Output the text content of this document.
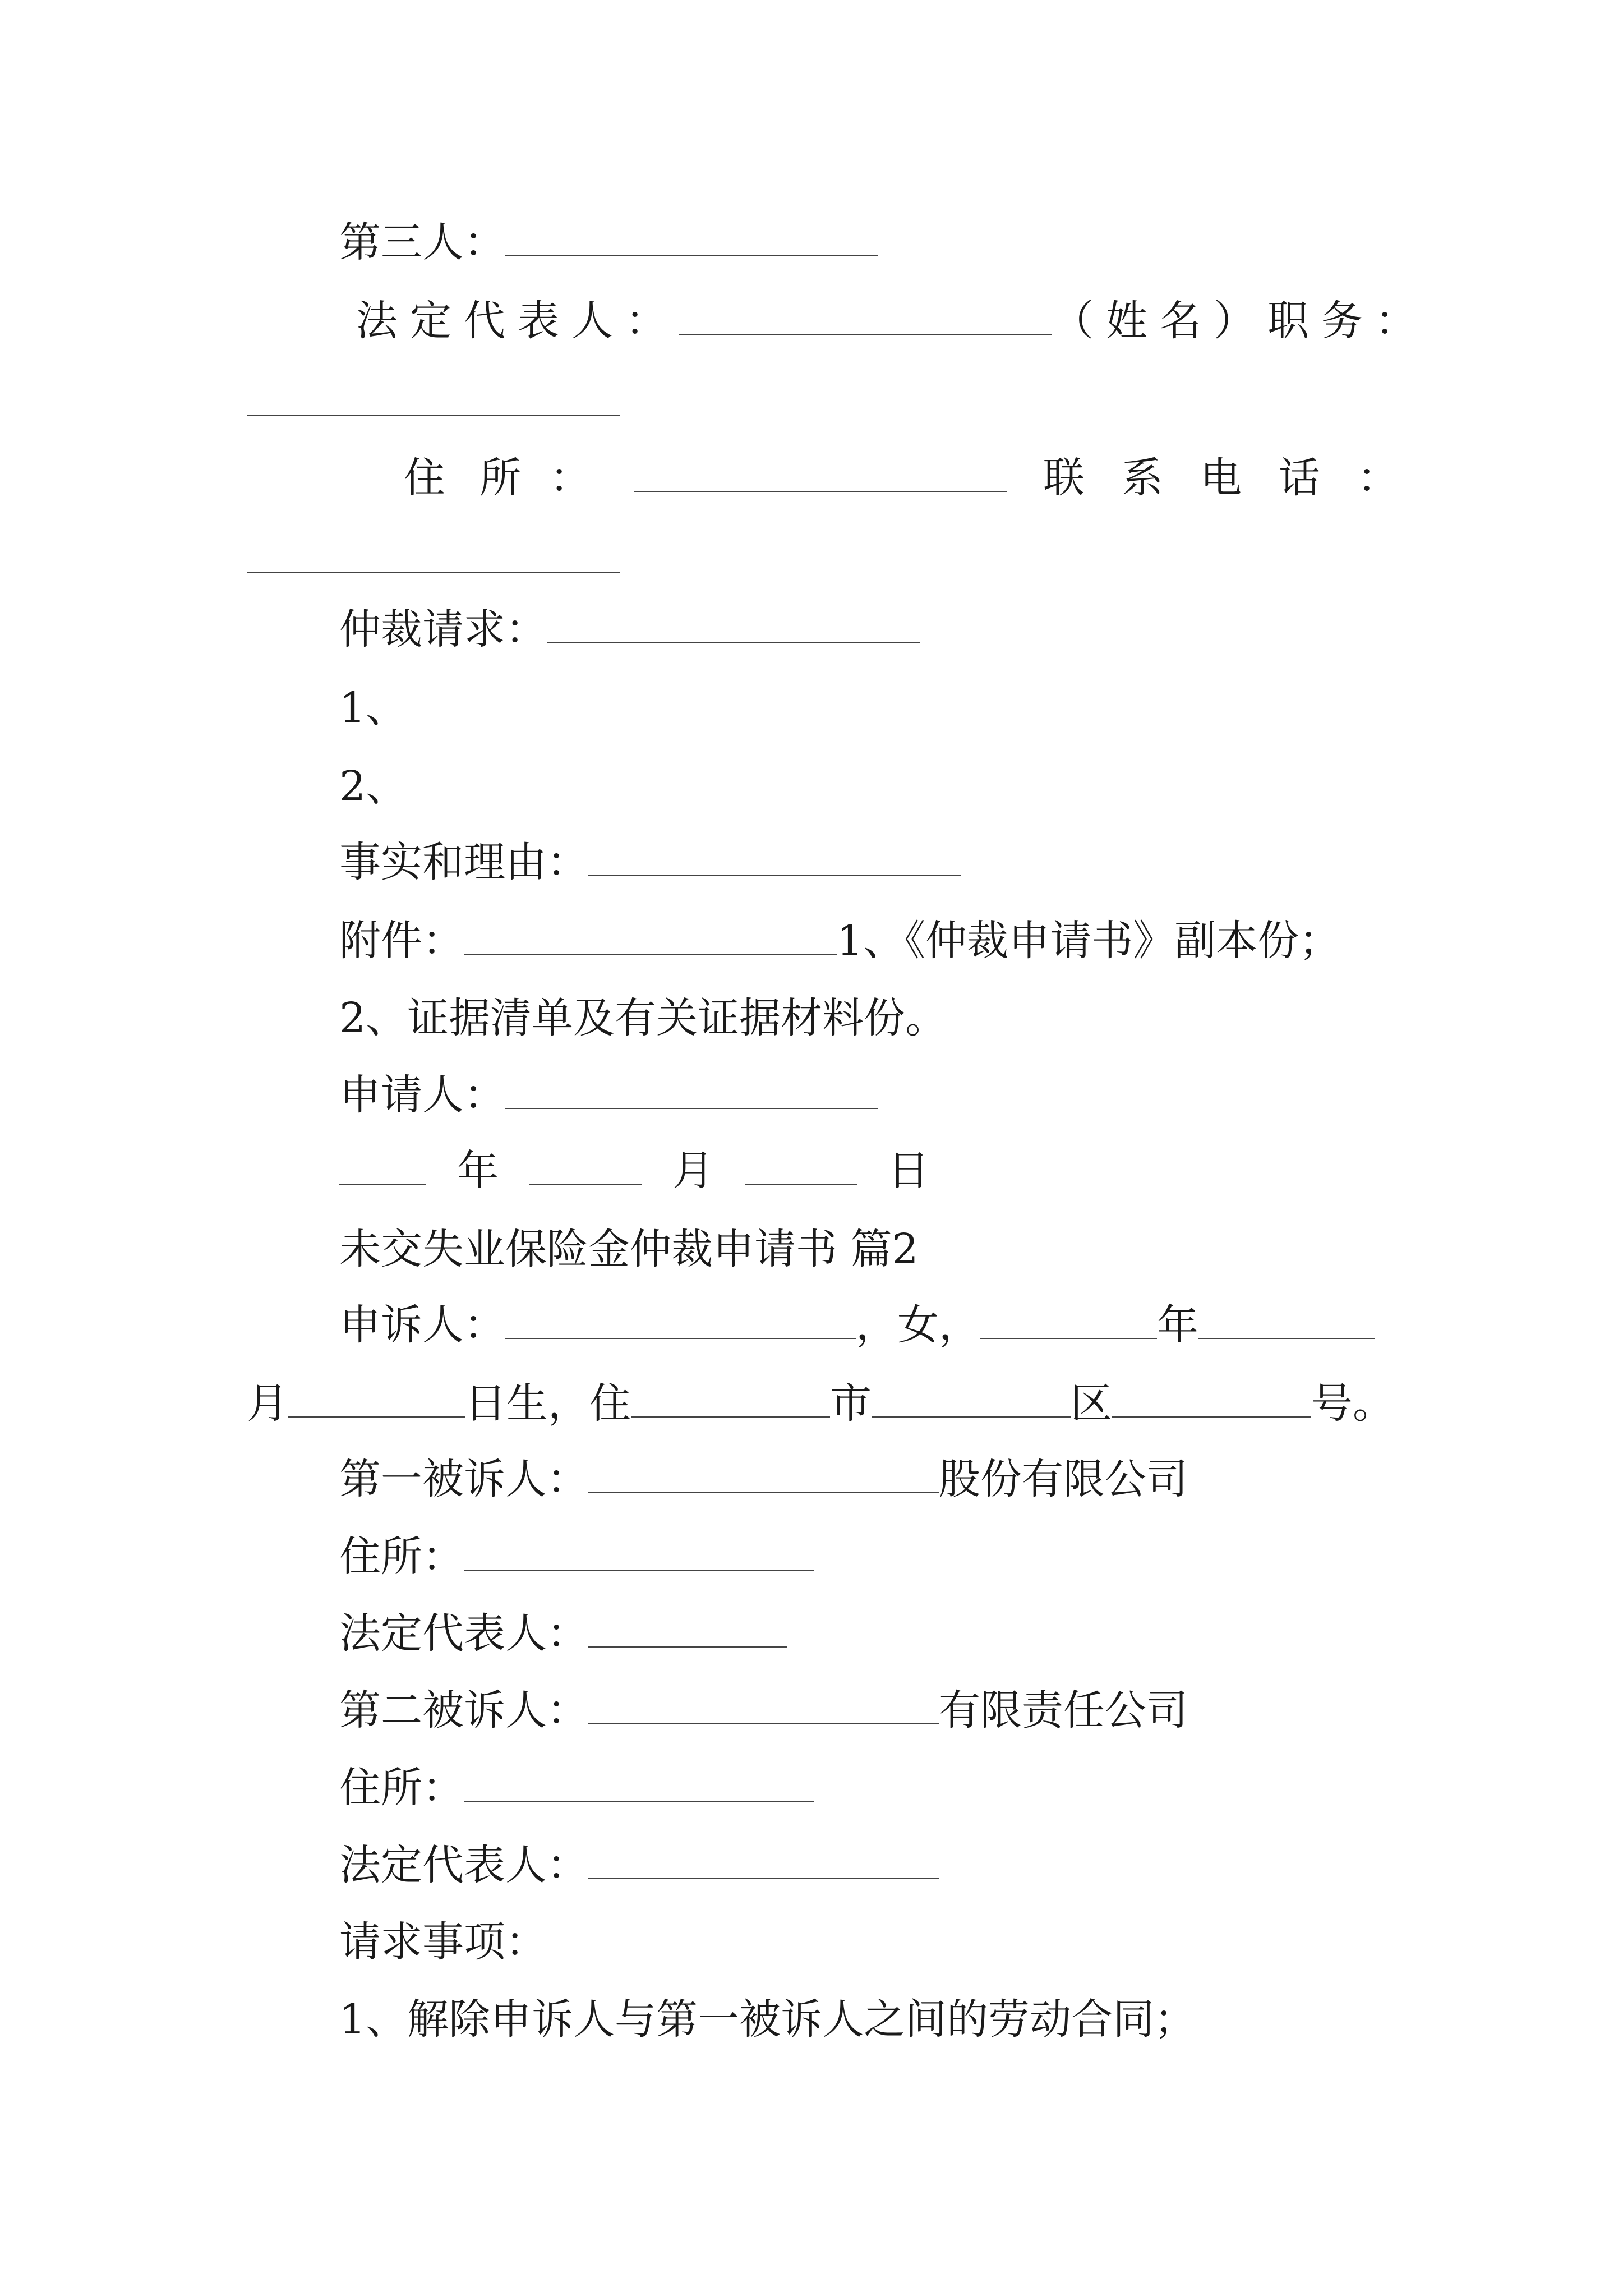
第三人：
法定代表人：	（姓名）职务：
住 所 ：	联 系 电 话 ：
仲裁请求：
1、
2、
事实和理由：
附件：	1、《仲裁申请书》副本份；
2、证据清单及有关证据材料份。
申请人：
年	月	日
未交失业保险金仲裁申请书 篇2
申诉人：	，女，	年
月	日生，住	市	区	号。
第一被诉人：	股份有限公司
住所：
法定代表人：
第二被诉人：	有限责任公司
住所：
法定代表人：
请求事项：
1、解除申诉人与第一被诉人之间的劳动合同；
